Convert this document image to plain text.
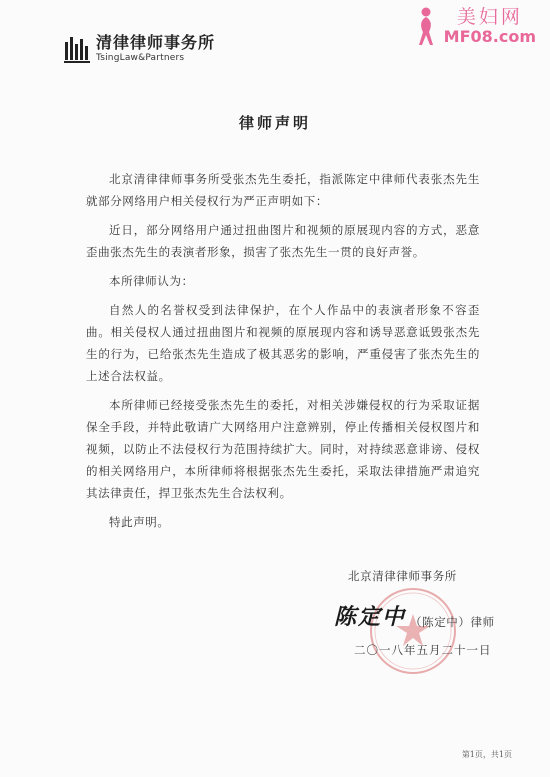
清律律师事务所
TsingLaw&Partners
美妇网
MF08.com
律师声明

北京清律律师事务所受张杰先生委托，指派陈定中律师代表张杰先生就部分网络用户相关侵权行为严正声明如下：

近日，部分网络用户通过扭曲图片和视频的原展现内容的方式，恶意歪曲张杰先生的表演者形象，损害了张杰先生一贯的良好声誉。

本所律师认为：

自然人的名誉权受到法律保护，在个人作品中的表演者形象不容歪曲。相关侵权人通过扭曲图片和视频的原展现内容和诱导恶意诋毁张杰先生的行为，已给张杰先生造成了极其恶劣的影响，严重侵害了张杰先生的上述合法权益。

本所律师已经接受张杰先生的委托，对相关涉嫌侵权的行为采取证据保全手段，并特此敬请广大网络用户注意辨别，停止传播相关侵权图片和视频，以防止不法侵权行为范围持续扩大。同时，对持续恶意诽谤、侵权的相关网络用户，本所律师将根据张杰先生委托，采取法律措施严肃追究其法律责任，捍卫张杰先生合法权利。

特此声明。

北京清律律师事务所
陈定中 （陈定中）律师
二〇一八年五月二十一日
第1页，共1页
